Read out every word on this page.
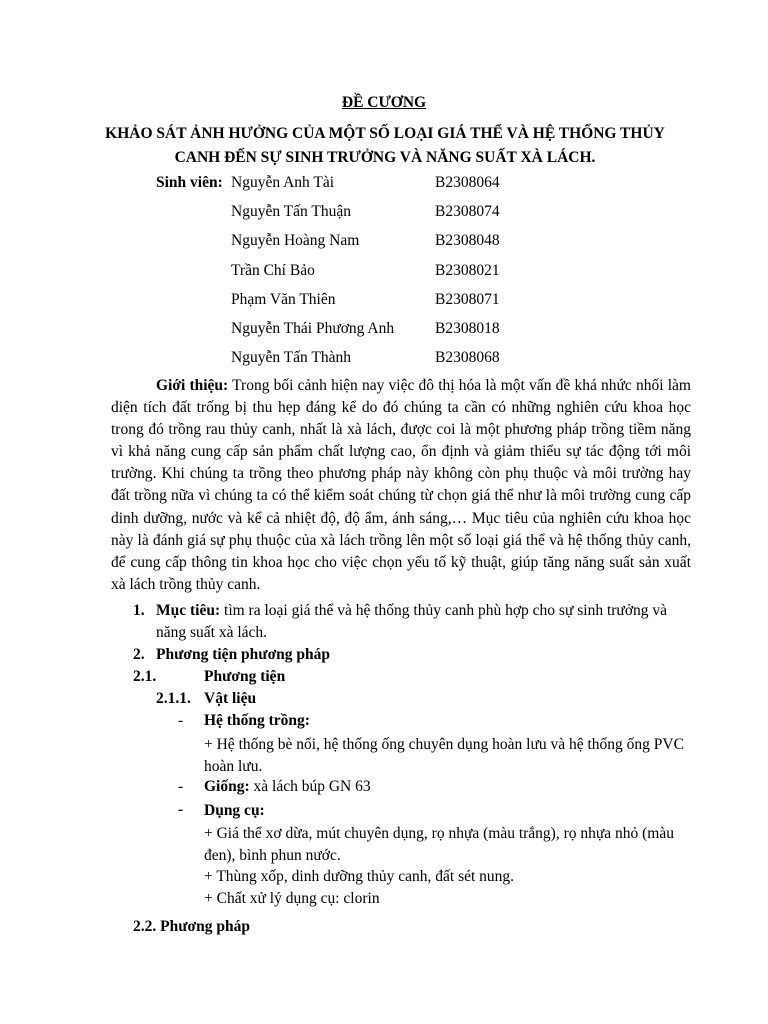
ĐỀ CƯƠNG
KHẢO SÁT ẢNH HƯỞNG CỦA MỘT SỐ LOẠI GIÁ THỂ VÀ HỆ THỐNG THỦY CANH ĐẾN SỰ SINH TRƯỞNG VÀ NĂNG SUẤT XÀ LÁCH.
Sinh viên: Nguyễn Anh Tài	B2308064
Nguyễn Tấn Thuận	B2308074
Nguyễn Hoàng Nam	B2308048
Trần Chí Bảo	B2308021
Phạm Văn Thiên	B2308071
Nguyễn Thái Phương Anh	B2308018
Nguyễn Tấn Thành	B2308068
Giới thiệu: Trong bối cảnh hiện nay việc đô thị hóa là một vấn đề khá nhức nhối làm diện tích đất trống bị thu hẹp đáng kể do đó chúng ta cần có những nghiên cứu khoa học trong đó trồng rau thủy canh, nhất là xà lách, được coi là một phương pháp trồng tiềm năng vì khả năng cung cấp sản phẩm chất lượng cao, ổn định và giảm thiểu sự tác động tới môi trường. Khi chúng ta trồng theo phương pháp này không còn phụ thuộc và môi trường hay đất trồng nữa vì chúng ta có thể kiểm soát chúng từ chọn giá thể như là môi trường cung cấp dinh dưỡng, nước và kể cả nhiệt độ, độ ẩm, ánh sáng,… Mục tiêu của nghiên cứu khoa học này là đánh giá sự phụ thuộc của xà lách trồng lên một số loại giá thể và hệ thống thủy canh, để cung cấp thông tin khoa học cho việc chọn yếu tố kỹ thuật, giúp tăng năng suất sản xuất xà lách trồng thủy canh.
1. Mục tiêu: tìm ra loại giá thể và hệ thống thủy canh phù hợp cho sự sinh trưởng và năng suất xà lách.
2. Phương tiện phương pháp
2.1.	Phương tiện
2.1.1. Vật liệu
- Hệ thống trồng:
+ Hệ thống bè nổi, hệ thống ống chuyên dụng hoàn lưu và hệ thống ống PVC hoàn lưu.
- Giống: xà lách búp GN 63
- Dụng cụ:
+ Giá thể xơ dừa, mút chuyên dụng, rọ nhựa (màu trắng), rọ nhựa nhỏ (màu đen), bình phun nước.
+ Thùng xốp, dinh dưỡng thủy canh, đất sét nung.
+ Chất xử lý dụng cụ: clorin
2.2. Phương pháp
